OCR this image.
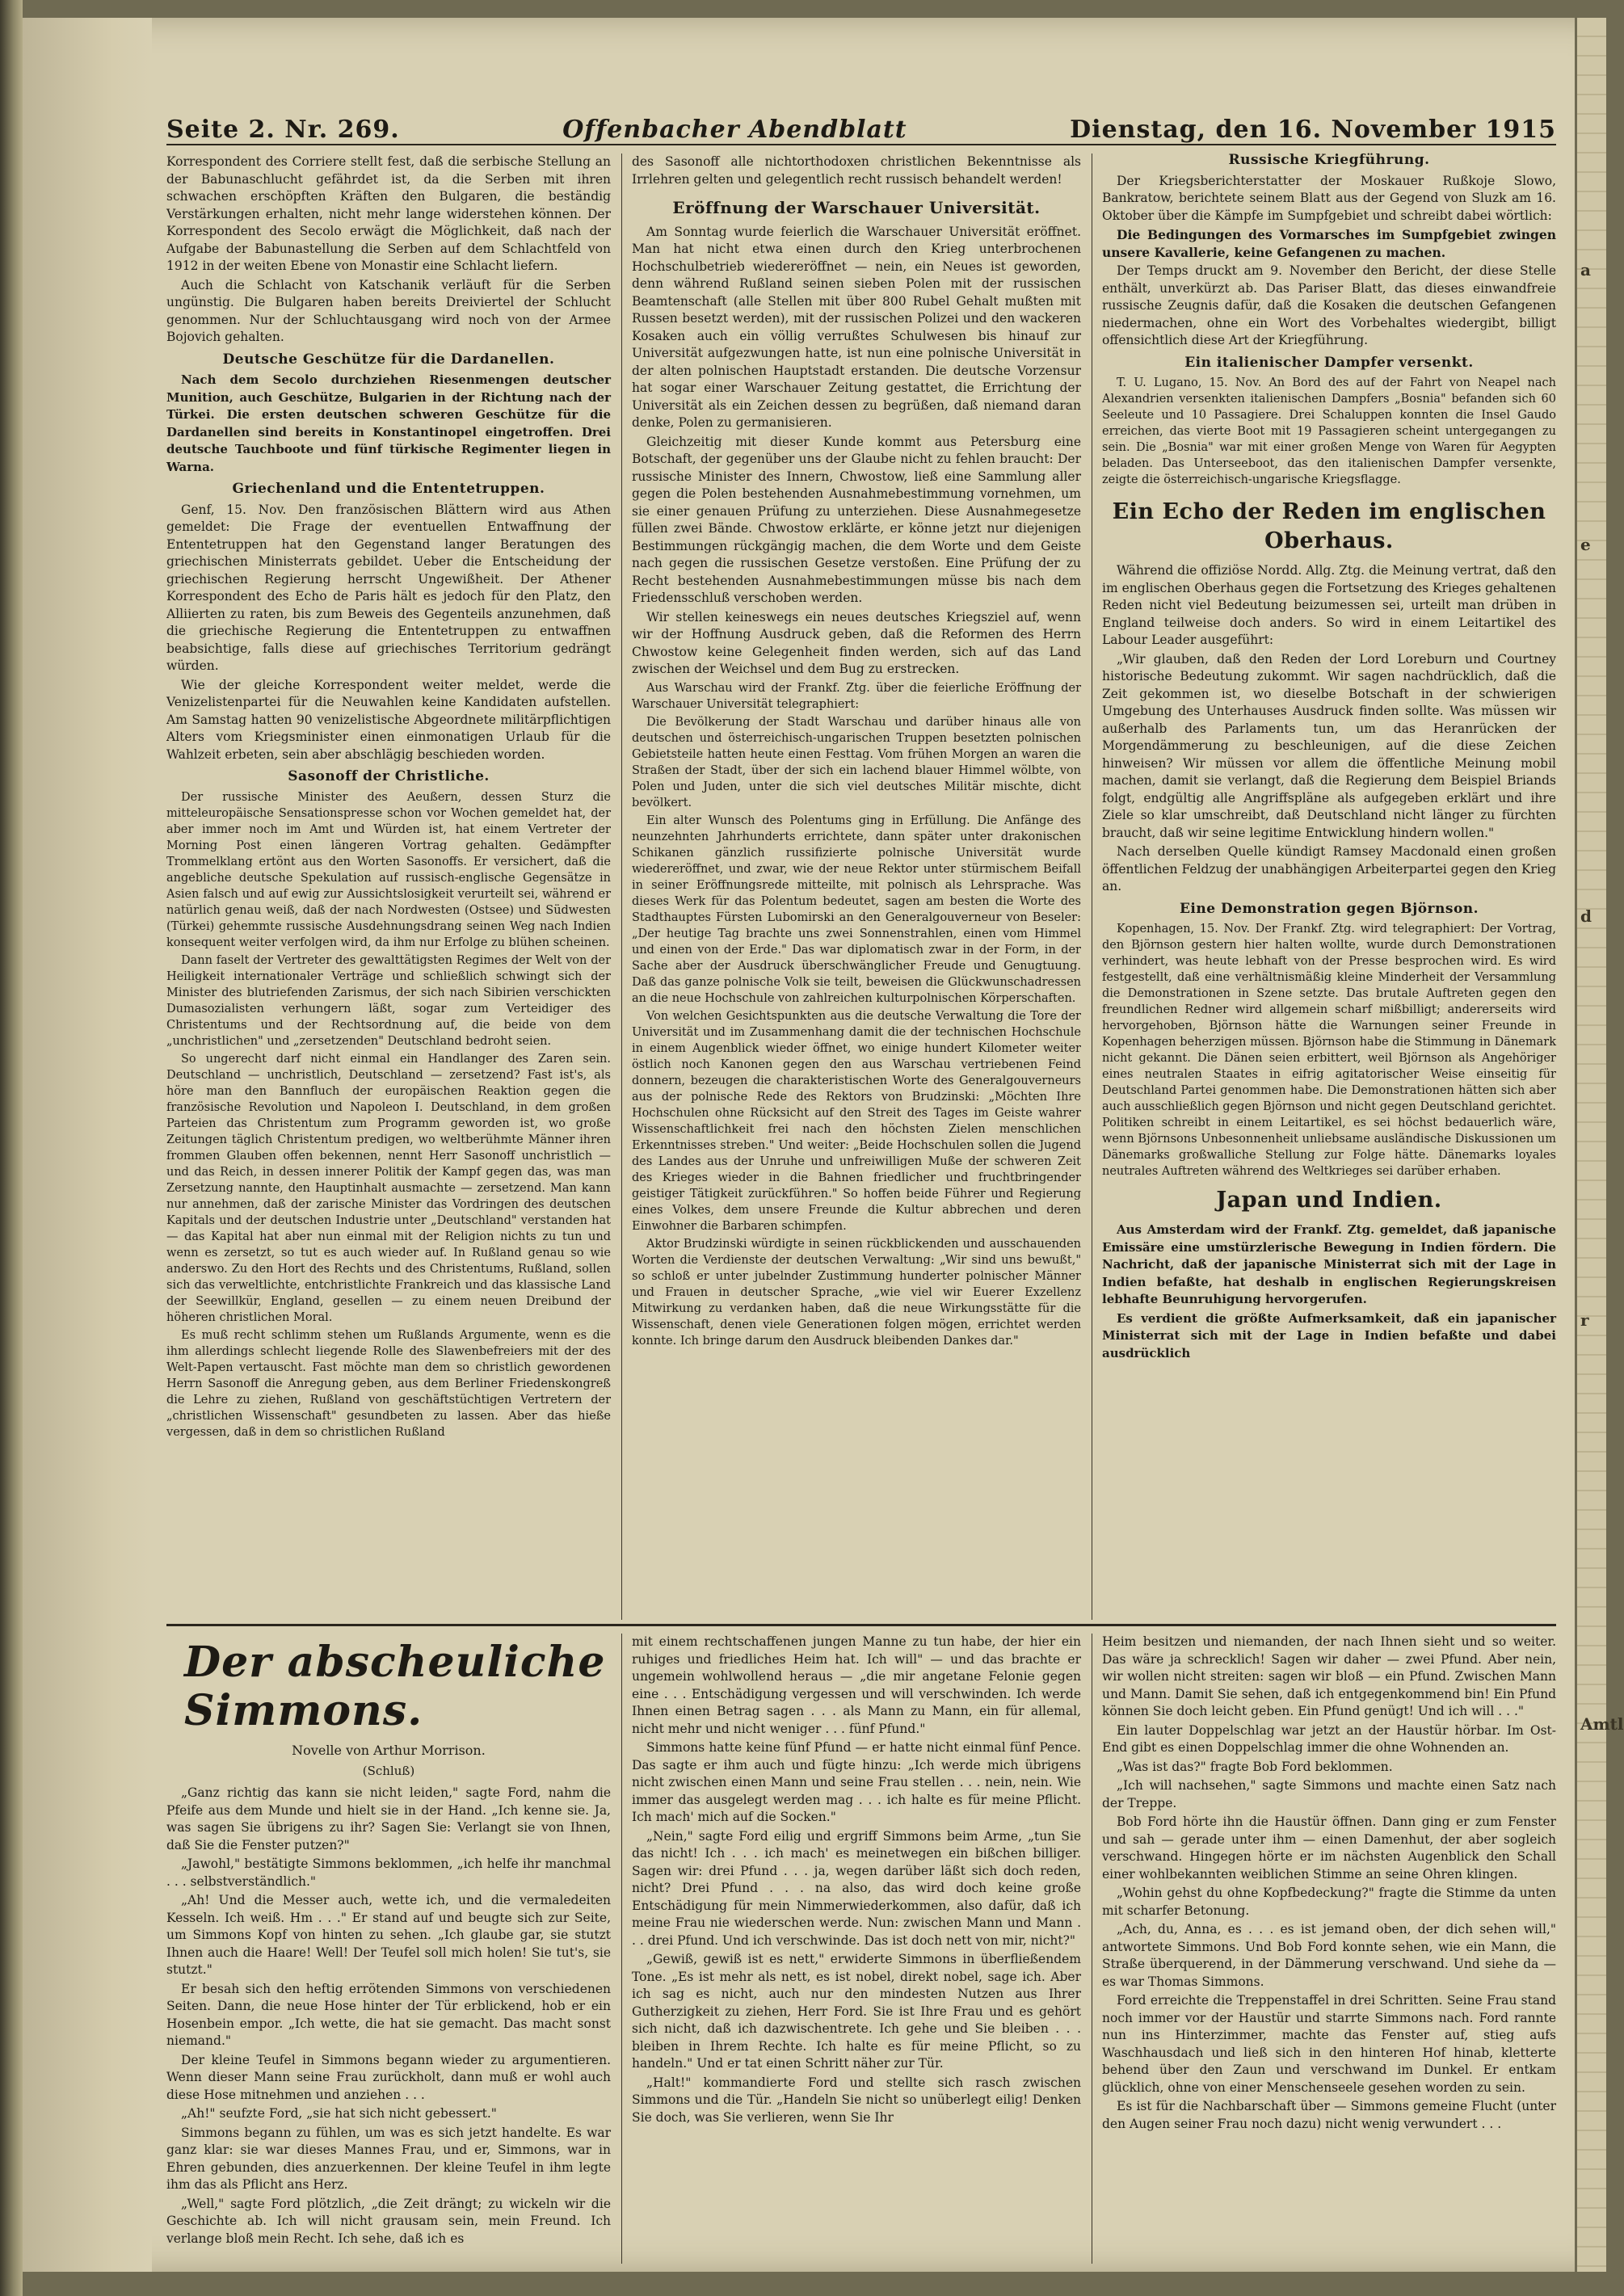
a
e
d
r
Amtl
Seite 2. Nr. 269.	Offenbacher Abendblatt	Dienstag, den 16. November 1915

Korrespondent des Corriere stellt fest, daß die serbische Stellung an der Babunaschlucht gefährdet ist, da die Serben mit ihren schwachen erschöpften Kräften den Bulgaren, die beständig Verstärkungen erhalten, nicht mehr lange widerstehen können. Der Korrespondent des Secolo erwägt die Möglichkeit, daß nach der Aufgabe der Babunastellung die Serben auf dem Schlachtfeld von 1912 in der weiten Ebene von Monastir eine Schlacht liefern.

Auch die Schlacht von Katschanik verläuft für die Serben ungünstig. Die Bulgaren haben bereits Dreiviertel der Schlucht genommen. Nur der Schluchtausgang wird noch von der Armee Bojovich gehalten.

Deutsche Geschütze für die Dardanellen.

Nach dem Secolo durchziehen Riesenmengen deutscher Munition, auch Geschütze, Bulgarien in der Richtung nach der Türkei. Die ersten deutschen schweren Geschütze für die Dardanellen sind bereits in Konstantinopel eingetroffen. Drei deutsche Tauchboote und fünf türkische Regimenter liegen in Warna.

Griechenland und die Ententetruppen.

Genf, 15. Nov. Den französischen Blättern wird aus Athen gemeldet: Die Frage der eventuellen Entwaffnung der Ententetruppen hat den Gegenstand langer Beratungen des griechischen Ministerrats gebildet. Ueber die Entscheidung der griechischen Regierung herrscht Ungewißheit. Der Athener Korrespondent des Echo de Paris hält es jedoch für den Platz, den Alliierten zu raten, bis zum Beweis des Gegenteils anzunehmen, daß die griechische Regierung die Ententetruppen zu entwaffnen beabsichtige, falls diese auf griechisches Territorium gedrängt würden.

Wie der gleiche Korrespondent weiter meldet, werde die Venizelistenpartei für die Neuwahlen keine Kandidaten aufstellen. Am Samstag hatten 90 venizelistische Abgeordnete militärpflichtigen Alters vom Kriegsminister einen einmonatigen Urlaub für die Wahlzeit erbeten, sein aber abschlägig beschieden worden.

Sasonoff der Christliche.

Der russische Minister des Aeußern, dessen Sturz die mitteleuropäische Sensationspresse schon vor Wochen gemeldet hat, der aber immer noch im Amt und Würden ist, hat einem Vertreter der Morning Post einen längeren Vortrag gehalten. Gedämpfter Trommelklang ertönt aus den Worten Sasonoffs. Er versichert, daß die angebliche deutsche Spekulation auf russisch-englische Gegensätze in Asien falsch und auf ewig zur Aussichtslosigkeit verurteilt sei, während er natürlich genau weiß, daß der nach Nordwesten (Ostsee) und Südwesten (Türkei) gehemmte russische Ausdehnungsdrang seinen Weg nach Indien konsequent weiter verfolgen wird, da ihm nur Erfolge zu blühen scheinen.

Dann faselt der Vertreter des gewalttätigsten Regimes der Welt von der Heiligkeit internationaler Verträge und schließlich schwingt sich der Minister des blutriefenden Zarismus, der sich nach Sibirien verschickten Dumasozialisten verhungern läßt, sogar zum Verteidiger des Christentums und der Rechtsordnung auf, die beide von dem „unchristlichen" und „zersetzenden" Deutschland bedroht seien.

So ungerecht darf nicht einmal ein Handlanger des Zaren sein. Deutschland — unchristlich, Deutschland — zersetzend? Fast ist's, als höre man den Bannfluch der europäischen Reaktion gegen die französische Revolution und Napoleon I. Deutschland, in dem großen Parteien das Christentum zum Programm geworden ist, wo große Zeitungen täglich Christentum predigen, wo weltberühmte Männer ihren frommen Glauben offen bekennen, nennt Herr Sasonoff unchristlich — und das Reich, in dessen innerer Politik der Kampf gegen das, was man Zersetzung nannte, den Hauptinhalt ausmachte — zersetzend. Man kann nur annehmen, daß der zarische Minister das Vordringen des deutschen Kapitals und der deutschen Industrie unter „Deutschland" verstanden hat — das Kapital hat aber nun einmal mit der Religion nichts zu tun und wenn es zersetzt, so tut es auch wieder auf. In Rußland genau so wie anderswo. Zu den Hort des Rechts und des Christentums, Rußland, sollen sich das verweltlichte, entchristlichte Frankreich und das klassische Land der Seewillkür, England, gesellen — zu einem neuen Dreibund der höheren christlichen Moral.

Es muß recht schlimm stehen um Rußlands Argumente, wenn es die ihm allerdings schlecht liegende Rolle des Slawenbefreiers mit der des Welt-Papen vertauscht. Fast möchte man dem so christlich gewordenen Herrn Sasonoff die Anregung geben, aus dem Berliner Friedenskongreß die Lehre zu ziehen, Rußland von geschäftstüchtigen Vertretern der „christlichen Wissenschaft" gesundbeten zu lassen. Aber das hieße vergessen, daß in dem so christlichen Rußland

des Sasonoff alle nichtorthodoxen christlichen Bekenntnisse als Irrlehren gelten und gelegentlich recht russisch behandelt werden!

Eröffnung der Warschauer Universität.

Am Sonntag wurde feierlich die Warschauer Universität eröffnet. Man hat nicht etwa einen durch den Krieg unterbrochenen Hochschulbetrieb wiedereröffnet — nein, ein Neues ist geworden, denn während Rußland seinen sieben Polen mit der russischen Beamtenschaft (alle Stellen mit über 800 Rubel Gehalt mußten mit Russen besetzt werden), mit der russischen Polizei und den wackeren Kosaken auch ein völlig verrußtes Schulwesen bis hinauf zur Universität aufgezwungen hatte, ist nun eine polnische Universität in der alten polnischen Hauptstadt erstanden. Die deutsche Vorzensur hat sogar einer Warschauer Zeitung gestattet, die Errichtung der Universität als ein Zeichen dessen zu begrüßen, daß niemand daran denke, Polen zu germanisieren.

Gleichzeitig mit dieser Kunde kommt aus Petersburg eine Botschaft, der gegenüber uns der Glaube nicht zu fehlen braucht: Der russische Minister des Innern, Chwostow, ließ eine Sammlung aller gegen die Polen bestehenden Ausnahmebestimmung vornehmen, um sie einer genauen Prüfung zu unterziehen. Diese Ausnahmegesetze füllen zwei Bände. Chwostow erklärte, er könne jetzt nur diejenigen Bestimmungen rückgängig machen, die dem Worte und dem Geiste nach gegen die russischen Gesetze verstoßen. Eine Prüfung der zu Recht bestehenden Ausnahmebestimmungen müsse bis nach dem Friedensschluß verschoben werden.

Wir stellen keineswegs ein neues deutsches Kriegsziel auf, wenn wir der Hoffnung Ausdruck geben, daß die Reformen des Herrn Chwostow keine Gelegenheit finden werden, sich auf das Land zwischen der Weichsel und dem Bug zu erstrecken.

Aus Warschau wird der Frankf. Ztg. über die feierliche Eröffnung der Warschauer Universität telegraphiert:

Die Bevölkerung der Stadt Warschau und darüber hinaus alle von deutschen und österreichisch-ungarischen Truppen besetzten polnischen Gebietsteile hatten heute einen Festtag. Vom frühen Morgen an waren die Straßen der Stadt, über der sich ein lachend blauer Himmel wölbte, von Polen und Juden, unter die sich viel deutsches Militär mischte, dicht bevölkert.

Ein alter Wunsch des Polentums ging in Erfüllung. Die Anfänge des neunzehnten Jahrhunderts errichtete, dann später unter drakonischen Schikanen gänzlich russifizierte polnische Universität wurde wiedereröffnet, und zwar, wie der neue Rektor unter stürmischem Beifall in seiner Eröffnungsrede mitteilte, mit polnisch als Lehrsprache. Was dieses Werk für das Polentum bedeutet, sagen am besten die Worte des Stadthauptes Fürsten Lubomirski an den Generalgouverneur von Beseler: „Der heutige Tag brachte uns zwei Sonnenstrahlen, einen vom Himmel und einen von der Erde." Das war diplomatisch zwar in der Form, in der Sache aber der Ausdruck überschwänglicher Freude und Genugtuung. Daß das ganze polnische Volk sie teilt, beweisen die Glückwunschadressen an die neue Hochschule von zahlreichen kulturpolnischen Körperschaften.

Von welchen Gesichtspunkten aus die deutsche Verwaltung die Tore der Universität und im Zusammenhang damit die der technischen Hochschule in einem Augenblick wieder öffnet, wo einige hundert Kilometer weiter östlich noch Kanonen gegen den aus Warschau vertriebenen Feind donnern, bezeugen die charakteristischen Worte des Generalgouverneurs aus der polnische Rede des Rektors von Brudzinski: „Möchten Ihre Hochschulen ohne Rücksicht auf den Streit des Tages im Geiste wahrer Wissenschaftlichkeit frei nach den höchsten Zielen menschlichen Erkenntnisses streben." Und weiter: „Beide Hochschulen sollen die Jugend des Landes aus der Unruhe und unfreiwilligen Muße der schweren Zeit des Krieges wieder in die Bahnen friedlicher und fruchtbringender geistiger Tätigkeit zurückführen." So hoffen beide Führer und Regierung eines Volkes, dem unsere Freunde die Kultur abbrechen und deren Einwohner die Barbaren schimpfen.

Aktor Brudzinski würdigte in seinen rückblickenden und ausschauenden Worten die Verdienste der deutschen Verwaltung: „Wir sind uns bewußt," so schloß er unter jubelnder Zustimmung hunderter polnischer Männer und Frauen in deutscher Sprache, „wie viel wir Euerer Exzellenz Mitwirkung zu verdanken haben, daß die neue Wirkungsstätte für die Wissenschaft, denen viele Generationen folgen mögen, errichtet werden konnte. Ich bringe darum den Ausdruck bleibenden Dankes dar."

Russische Kriegführung.

Der Kriegsberichterstatter der Moskauer Rußkoje Slowo, Bankratow, berichtete seinem Blatt aus der Gegend von Sluzk am 16. Oktober über die Kämpfe im Sumpfgebiet und schreibt dabei wörtlich:

Die Bedingungen des Vormarsches im Sumpfgebiet zwingen unsere Kavallerie, keine Gefangenen zu machen.

Der Temps druckt am 9. November den Bericht, der diese Stelle enthält, unverkürzt ab. Das Pariser Blatt, das dieses einwandfreie russische Zeugnis dafür, daß die Kosaken die deutschen Gefangenen niedermachen, ohne ein Wort des Vorbehaltes wiedergibt, billigt offensichtlich diese Art der Kriegführung.

Ein italienischer Dampfer versenkt.

T. U. Lugano, 15. Nov. An Bord des auf der Fahrt von Neapel nach Alexandrien versenkten italienischen Dampfers „Bosnia" befanden sich 60 Seeleute und 10 Passagiere. Drei Schaluppen konnten die Insel Gaudo erreichen, das vierte Boot mit 19 Passagieren scheint untergegangen zu sein. Die „Bosnia" war mit einer großen Menge von Waren für Aegypten beladen. Das Unterseeboot, das den italienischen Dampfer versenkte, zeigte die österreichisch-ungarische Kriegsflagge.

Ein Echo der Reden im englischen Oberhaus.

Während die offiziöse Nordd. Allg. Ztg. die Meinung vertrat, daß den im englischen Oberhaus gegen die Fortsetzung des Krieges gehaltenen Reden nicht viel Bedeutung beizumessen sei, urteilt man drüben in England teilweise doch anders. So wird in einem Leitartikel des Labour Leader ausgeführt:

„Wir glauben, daß den Reden der Lord Loreburn und Courtney historische Bedeutung zukommt. Wir sagen nachdrücklich, daß die Zeit gekommen ist, wo dieselbe Botschaft in der schwierigen Umgebung des Unterhauses Ausdruck finden sollte. Was müssen wir außerhalb des Parlaments tun, um das Heranrücken der Morgendämmerung zu beschleunigen, auf die diese Zeichen hinweisen? Wir müssen vor allem die öffentliche Meinung mobil machen, damit sie verlangt, daß die Regierung dem Beispiel Briands folgt, endgültig alle Angriffspläne als aufgegeben erklärt und ihre Ziele so klar umschreibt, daß Deutschland nicht länger zu fürchten braucht, daß wir seine legitime Entwicklung hindern wollen."

Nach derselben Quelle kündigt Ramsey Macdonald einen großen öffentlichen Feldzug der unabhängigen Arbeiterpartei gegen den Krieg an.

Eine Demonstration gegen Björnson.

Kopenhagen, 15. Nov. Der Frankf. Ztg. wird telegraphiert: Der Vortrag, den Björnson gestern hier halten wollte, wurde durch Demonstrationen verhindert, was heute lebhaft von der Presse besprochen wird. Es wird festgestellt, daß eine verhältnismäßig kleine Minderheit der Versammlung die Demonstrationen in Szene setzte. Das brutale Auftreten gegen den freundlichen Redner wird allgemein scharf mißbilligt; andererseits wird hervorgehoben, Björnson hätte die Warnungen seiner Freunde in Kopenhagen beherzigen müssen. Björnson habe die Stimmung in Dänemark nicht gekannt. Die Dänen seien erbittert, weil Björnson als Angehöriger eines neutralen Staates in eifrig agitatorischer Weise einseitig für Deutschland Partei genommen habe. Die Demonstrationen hätten sich aber auch ausschließlich gegen Björnson und nicht gegen Deutschland gerichtet. Politiken schreibt in einem Leitartikel, es sei höchst bedauerlich wäre, wenn Björnsons Unbesonnenheit unliebsame ausländische Diskussionen um Dänemarks großwalliche Stellung zur Folge hätte. Dänemarks loyales neutrales Auftreten während des Weltkrieges sei darüber erhaben.

Japan und Indien.

Aus Amsterdam wird der Frankf. Ztg. gemeldet, daß japanische Emissäre eine umstürzlerische Bewegung in Indien fördern. Die Nachricht, daß der japanische Ministerrat sich mit der Lage in Indien befaßte, hat deshalb in englischen Regierungskreisen lebhafte Beunruhigung hervorgerufen.

Es verdient die größte Aufmerksamkeit, daß ein japanischer Ministerrat sich mit der Lage in Indien befaßte und dabei ausdrücklich

Der abscheuliche Simmons.
Novelle von Arthur Morrison.
(Schluß)

„Ganz richtig das kann sie nicht leiden," sagte Ford, nahm die Pfeife aus dem Munde und hielt sie in der Hand. „Ich kenne sie. Ja, was sagen Sie übrigens zu ihr? Sagen Sie: Verlangt sie von Ihnen, daß Sie die Fenster putzen?"

„Jawohl," bestätigte Simmons beklommen, „ich helfe ihr manchmal . . . selbstverständlich."

„Ah! Und die Messer auch, wette ich, und die vermaledeiten Kesseln. Ich weiß. Hm . . ." Er stand auf und beugte sich zur Seite, um Simmons Kopf von hinten zu sehen. „Ich glaube gar, sie stutzt Ihnen auch die Haare! Well! Der Teufel soll mich holen! Sie tut's, sie stutzt."

Er besah sich den heftig errötenden Simmons von verschiedenen Seiten. Dann, die neue Hose hinter der Tür erblickend, hob er ein Hosenbein empor. „Ich wette, die hat sie gemacht. Das macht sonst niemand."

Der kleine Teufel in Simmons begann wieder zu argumentieren. Wenn dieser Mann seine Frau zurückholt, dann muß er wohl auch diese Hose mitnehmen und anziehen . . .

„Ah!" seufzte Ford, „sie hat sich nicht gebessert."

Simmons begann zu fühlen, um was es sich jetzt handelte. Es war ganz klar: sie war dieses Mannes Frau, und er, Simmons, war in Ehren gebunden, dies anzuerkennen. Der kleine Teufel in ihm legte ihm das als Pflicht ans Herz.

„Well," sagte Ford plötzlich, „die Zeit drängt; zu wickeln wir die Geschichte ab. Ich will nicht grausam sein, mein Freund. Ich verlange bloß mein Recht. Ich sehe, daß ich es

mit einem rechtschaffenen jungen Manne zu tun habe, der hier ein ruhiges und friedliches Heim hat. Ich will" — und das brachte er ungemein wohlwollend heraus — „die mir angetane Felonie gegen eine . . . Entschädigung vergessen und will verschwinden. Ich werde Ihnen einen Betrag sagen . . . als Mann zu Mann, ein für allemal, nicht mehr und nicht weniger . . . fünf Pfund."

Simmons hatte keine fünf Pfund — er hatte nicht einmal fünf Pence. Das sagte er ihm auch und fügte hinzu: „Ich werde mich übrigens nicht zwischen einen Mann und seine Frau stellen . . . nein, nein. Wie immer das ausgelegt werden mag . . . ich halte es für meine Pflicht. Ich mach' mich auf die Socken."

„Nein," sagte Ford eilig und ergriff Simmons beim Arme, „tun Sie das nicht! Ich . . . ich mach' es meinetwegen ein bißchen billiger. Sagen wir: drei Pfund . . . ja, wegen darüber läßt sich doch reden, nicht? Drei Pfund . . . na also, das wird doch keine große Entschädigung für mein Nimmerwiederkommen, also dafür, daß ich meine Frau nie wiederschen werde. Nun: zwischen Mann und Mann . . . drei Pfund. Und ich verschwinde. Das ist doch nett von mir, nicht?"

„Gewiß, gewiß ist es nett," erwiderte Simmons in überfließendem Tone. „Es ist mehr als nett, es ist nobel, direkt nobel, sage ich. Aber ich sag es nicht, auch nur den mindesten Nutzen aus Ihrer Gutherzigkeit zu ziehen, Herr Ford. Sie ist Ihre Frau und es gehört sich nicht, daß ich dazwischentrete. Ich gehe und Sie bleiben . . . bleiben in Ihrem Rechte. Ich halte es für meine Pflicht, so zu handeln." Und er tat einen Schritt näher zur Tür.

„Halt!" kommandierte Ford und stellte sich rasch zwischen Simmons und die Tür. „Handeln Sie nicht so unüberlegt eilig! Denken Sie doch, was Sie verlieren, wenn Sie Ihr

Heim besitzen und niemanden, der nach Ihnen sieht und so weiter. Das wäre ja schrecklich! Sagen wir daher — zwei Pfund. Aber nein, wir wollen nicht streiten: sagen wir bloß — ein Pfund. Zwischen Mann und Mann. Damit Sie sehen, daß ich entgegenkommend bin! Ein Pfund können Sie doch leicht geben. Ein Pfund genügt! Und ich will . . ."

Ein lauter Doppelschlag war jetzt an der Haustür hörbar. Im Ost-End gibt es einen Doppelschlag immer die ohne Wohnenden an.

„Was ist das?" fragte Bob Ford beklommen.

„Ich will nachsehen," sagte Simmons und machte einen Satz nach der Treppe.

Bob Ford hörte ihn die Haustür öffnen. Dann ging er zum Fenster und sah — gerade unter ihm — einen Damenhut, der aber sogleich verschwand. Hingegen hörte er im nächsten Augenblick den Schall einer wohlbekannten weiblichen Stimme an seine Ohren klingen.

„Wohin gehst du ohne Kopfbedeckung?" fragte die Stimme da unten mit scharfer Betonung.

„Ach, du, Anna, es . . . es ist jemand oben, der dich sehen will," antwortete Simmons. Und Bob Ford konnte sehen, wie ein Mann, die Straße überquerend, in der Dämmerung verschwand. Und siehe da — es war Thomas Simmons.

Ford erreichte die Treppenstaffel in drei Schritten. Seine Frau stand noch immer vor der Haustür und starrte Simmons nach. Ford rannte nun ins Hinterzimmer, machte das Fenster auf, stieg aufs Waschhausdach und ließ sich in den hinteren Hof hinab, kletterte behend über den Zaun und verschwand im Dunkel. Er entkam glücklich, ohne von einer Menschenseele gesehen worden zu sein.

Es ist für die Nachbarschaft über — Simmons gemeine Flucht (unter den Augen seiner Frau noch dazu) nicht wenig verwundert . . .
